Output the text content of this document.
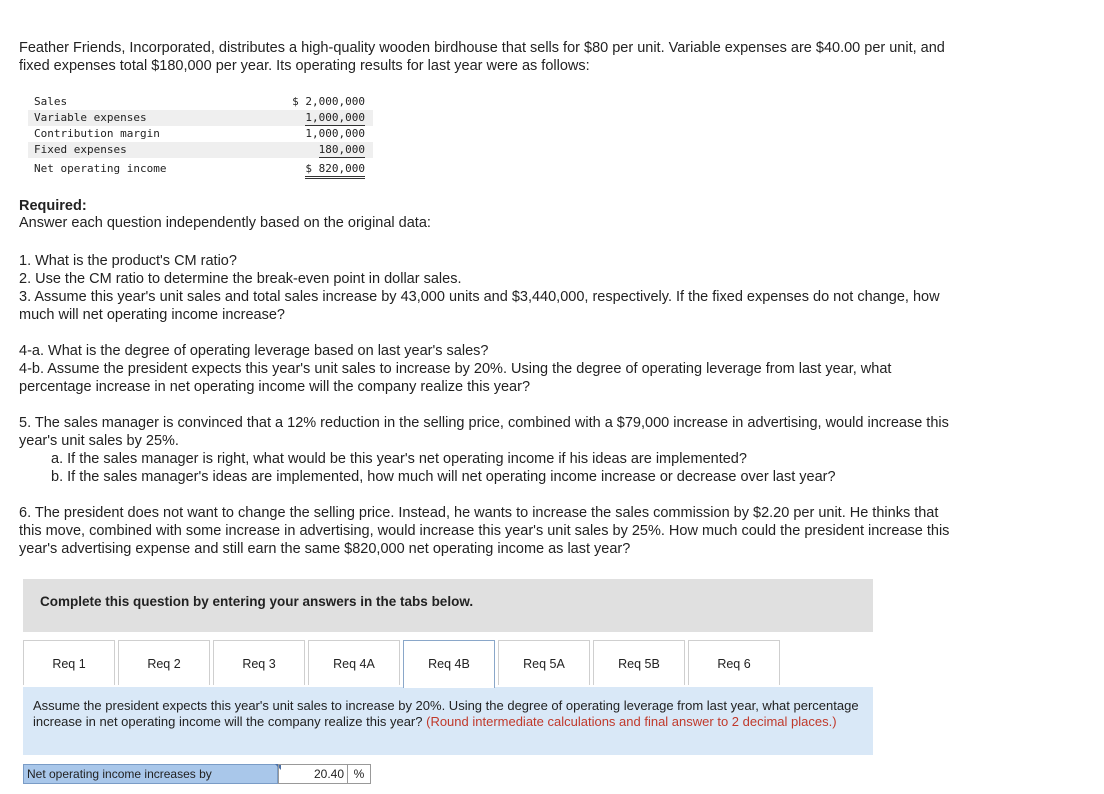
Feather Friends, Incorporated, distributes a high-quality wooden birdhouse that sells for $80 per unit. Variable expenses are $40.00 per unit, and fixed expenses total $180,000 per year. Its operating results for last year were as follows:
Sales	$ 2,000,000
Variable expenses	1,000,000
Contribution margin	1,000,000
Fixed expenses	180,000
Net operating income	$ 820,000
Required:
Answer each question independently based on the original data:
1. What is the product's CM ratio?
2. Use the CM ratio to determine the break-even point in dollar sales.
3. Assume this year's unit sales and total sales increase by 43,000 units and $3,440,000, respectively. If the fixed expenses do not change, how much will net operating income increase?
4-a. What is the degree of operating leverage based on last year's sales?
4-b. Assume the president expects this year's unit sales to increase by 20%. Using the degree of operating leverage from last year, what percentage increase in net operating income will the company realize this year?
5. The sales manager is convinced that a 12% reduction in the selling price, combined with a $79,000 increase in advertising, would increase this year's unit sales by 25%.
a. If the sales manager is right, what would be this year's net operating income if his ideas are implemented?
b. If the sales manager's ideas are implemented, how much will net operating income increase or decrease over last year?
6. The president does not want to change the selling price. Instead, he wants to increase the sales commission by $2.20 per unit. He thinks that this move, combined with some increase in advertising, would increase this year's unit sales by 25%. How much could the president increase this year's advertising expense and still earn the same $820,000 net operating income as last year?
Complete this question by entering your answers in the tabs below.
Req 1	Req 2	Req 3	Req 4A	Req 4B	Req 5A	Req 5B	Req 6
Assume the president expects this year's unit sales to increase by 20%. Using the degree of operating leverage from last year, what percentage increase in net operating income will the company realize this year? (Round intermediate calculations and final answer to 2 decimal places.)
Net operating income increases by	20.40 %
